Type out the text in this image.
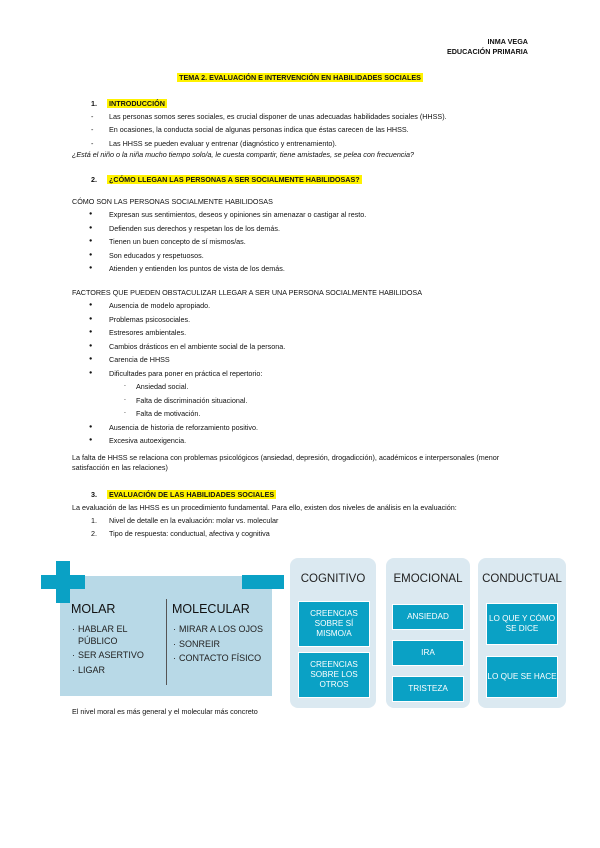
INMA VEGA
EDUCACIÓN PRIMARIA
TEMA 2. EVALUACIÓN E INTERVENCIÓN EN HABILIDADES SOCIALES
1. INTRODUCCIÓN
- Las personas somos seres sociales, es crucial disponer de unas adecuadas habilidades sociales (HHSS).
- En ocasiones, la conducta social de algunas personas indica que éstas carecen de las HHSS.
- Las HHSS se pueden evaluar y entrenar (diagnóstico y entrenamiento).
¿Está el niño o la niña mucho tiempo solo/a, le cuesta compartir, tiene amistades, se pelea con frecuencia?
2. ¿CÓMO LLEGAN LAS PERSONAS A SER SOCIALMENTE HABILIDOSAS?
CÓMO SON LAS PERSONAS SOCIALMENTE HABILIDOSAS
● Expresan sus sentimientos, deseos y opiniones sin amenazar o castigar al resto.
● Defienden sus derechos y respetan los de los demás.
● Tienen un buen concepto de sí mismos/as.
● Son educados y respetuosos.
● Atienden y entienden los puntos de vista de los demás.
FACTORES QUE PUEDEN OBSTACULIZAR LLEGAR A SER UNA PERSONA SOCIALMENTE HABILIDOSA
● Ausencia de modelo apropiado.
● Problemas psicosociales.
● Estresores ambientales.
● Cambios drásticos en el ambiente social de la persona.
● Carencia de HHSS
● Dificultades para poner en práctica el repertorio:
- Ansiedad social.
- Falta de discriminación situacional.
- Falta de motivación.
● Ausencia de historia de reforzamiento positivo.
● Excesiva autoexigencia.
La falta de HHSS se relaciona con problemas psicológicos (ansiedad, depresión, drogadicción), académicos e interpersonales (menor satisfacción en las relaciones)
3. EVALUACIÓN DE LAS HABILIDADES SOCIALES
La evaluación de las HHSS es un procedimiento fundamental. Para ello, existen dos niveles de análisis en la evaluación:
1. Nivel de detalle en la evaluación: molar vs. molecular
2. Tipo de respuesta: conductual, afectiva y cognitiva
MOLAR
· HABLAR EL PÚBLICO
· SER ASERTIVO
· LIGAR
MOLECULAR
· MIRAR A LOS OJOS
· SONREIR
· CONTACTO FÍSICO
El nivel moral es más general y el molecular más concreto
COGNITIVO	EMOCIONAL	CONDUCTUAL
CREENCIAS SOBRE SÍ MISMO/A
CREENCIAS SOBRE LOS OTROS
ANSIEDAD
IRA
TRISTEZA
LO QUE Y CÓMO SE DICE
LO QUE SE HACE
